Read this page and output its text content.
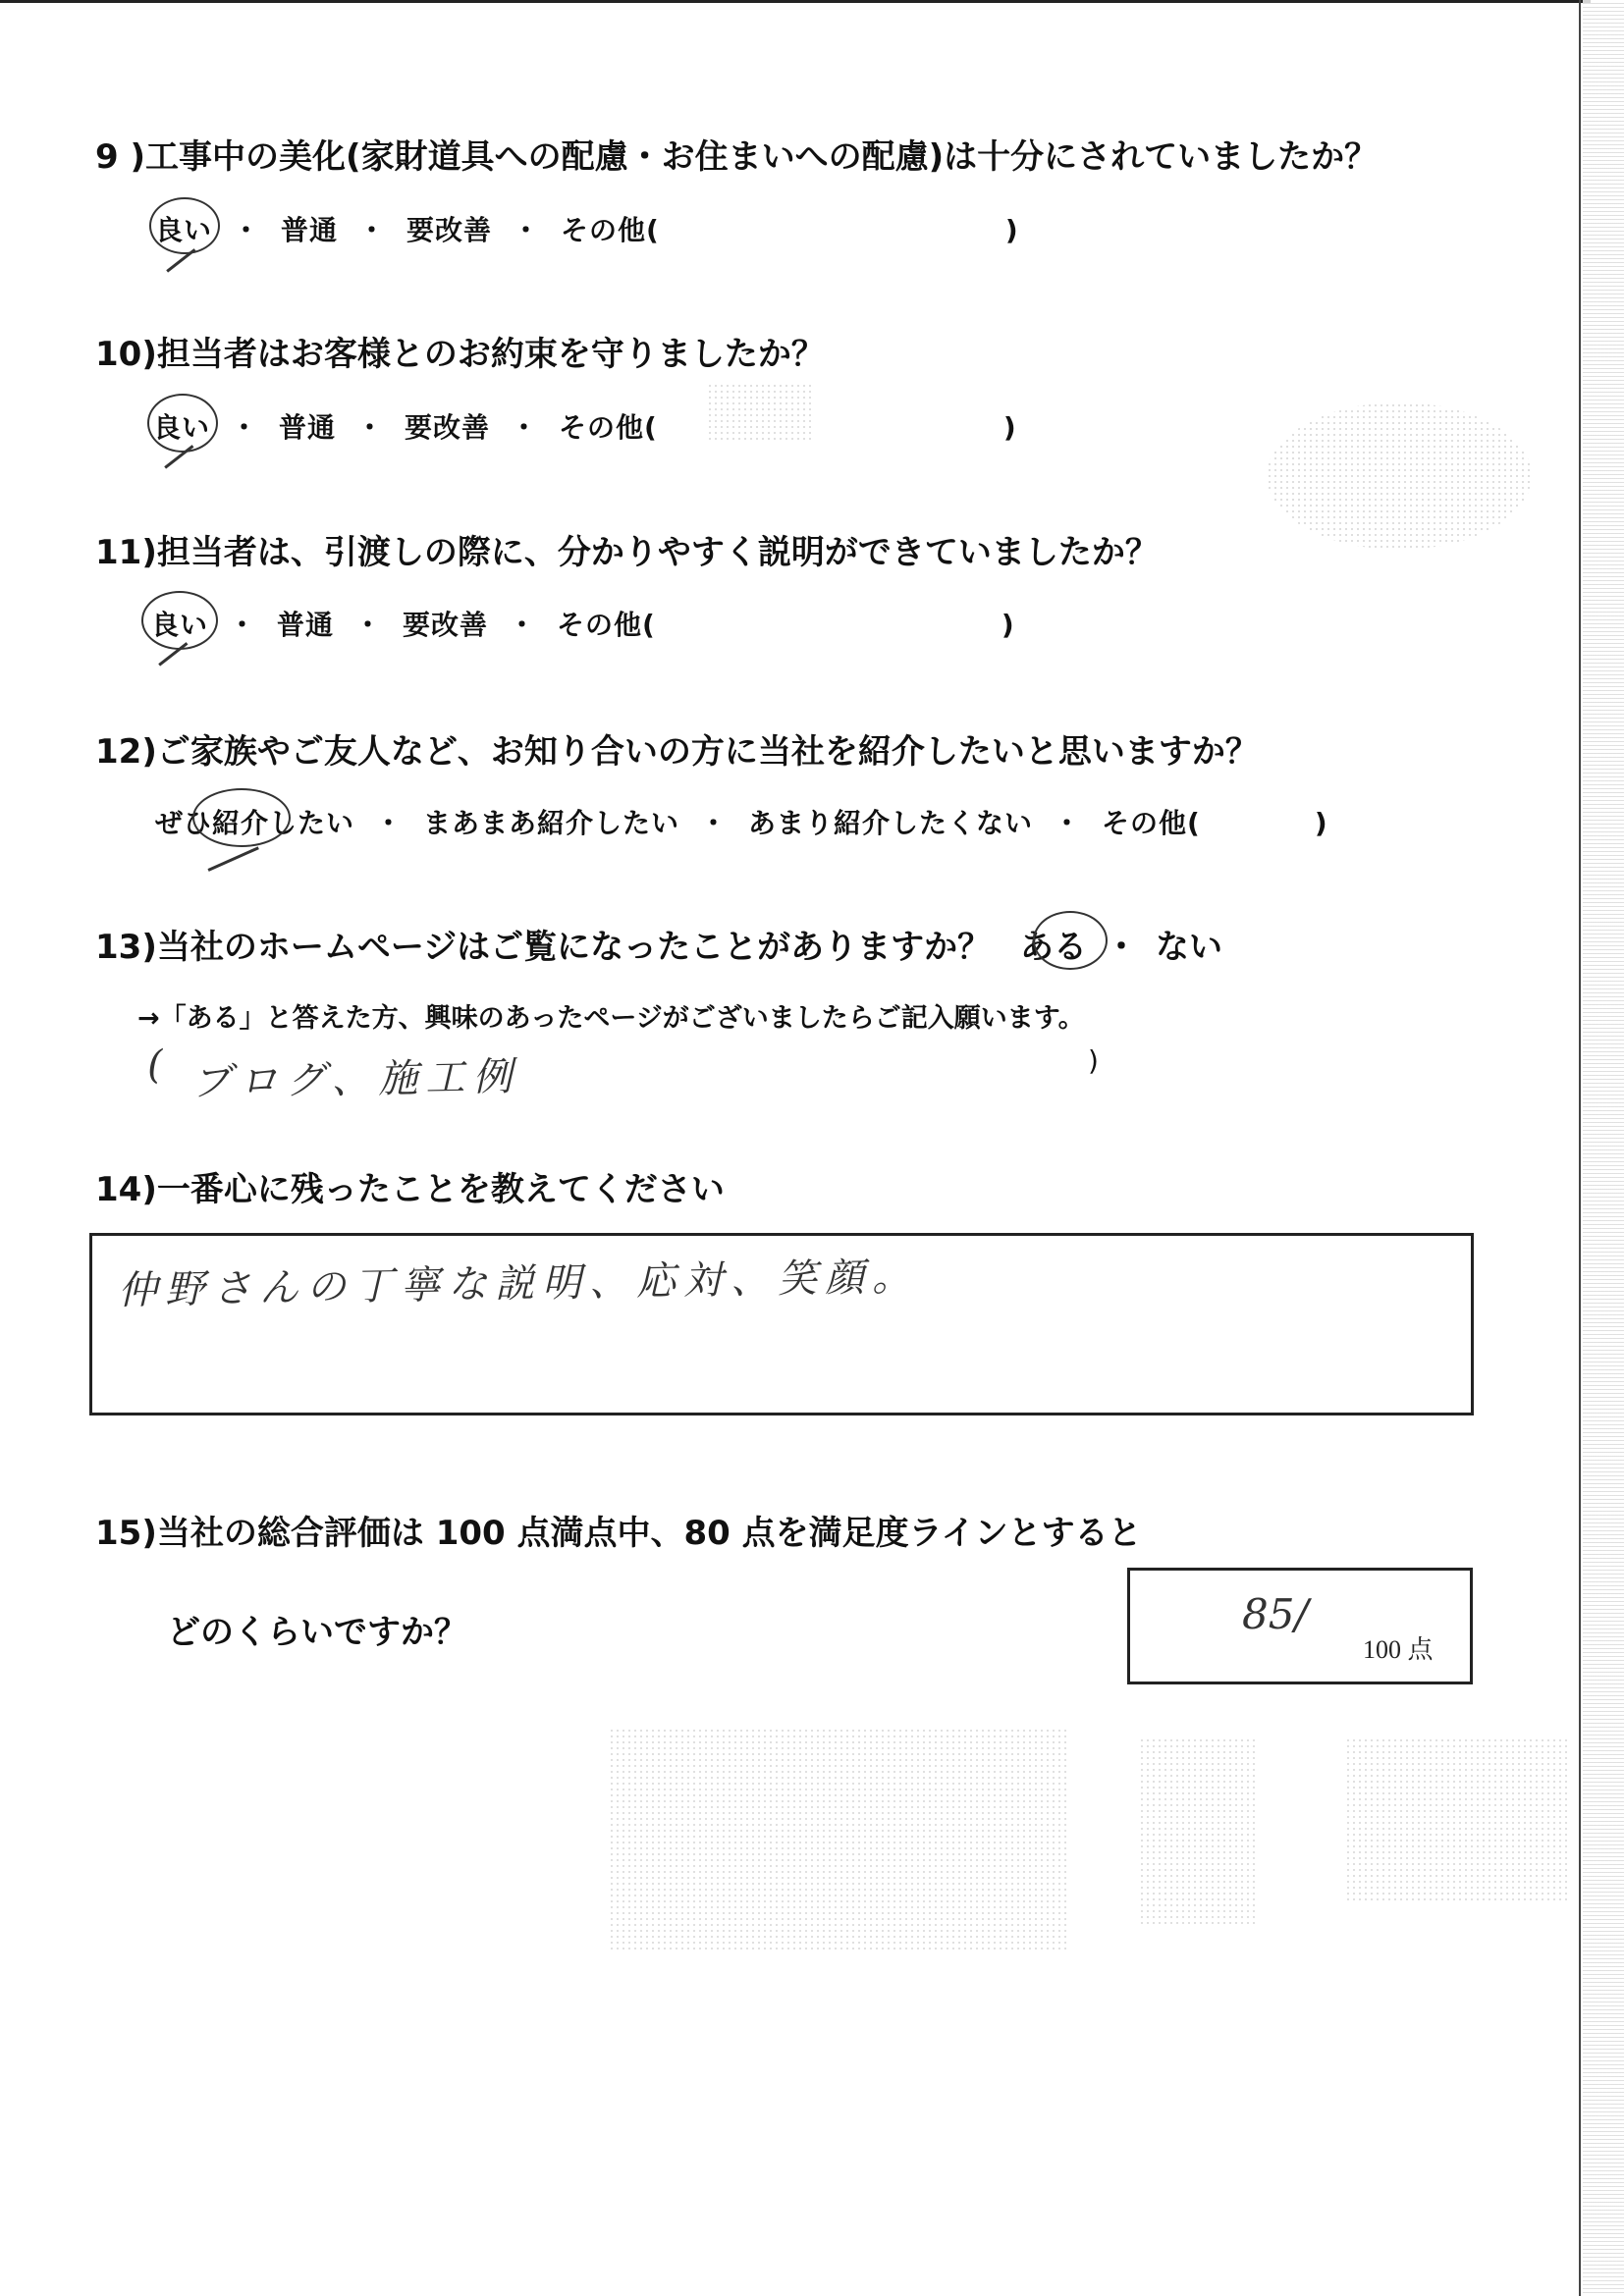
9 )工事中の美化(家財道具への配慮・お住まいへの配慮)は十分にされていましたか？
良い ・ 普通 ・ 要改善 ・ その他(	)
10)担当者はお客様とのお約束を守りましたか？
良い ・ 普通 ・ 要改善 ・ その他(	)
11)担当者は、引渡しの際に、分かりやすく説明ができていましたか？
良い ・ 普通 ・ 要改善 ・ その他(	)
12)ご家族やご友人など、お知り合いの方に当社を紹介したいと思いますか？
ぜひ紹介したい ・ まあまあ紹介したい ・ あまり紹介したくない ・ その他(	)
13)当社のホームページはご覧になったことがありますか？ ある ・ ない
→「ある」と答えた方、興味のあったページがございましたらご記入願います。
( ブログ、施工例	)
14)一番心に残ったことを教えてください
仲野さんの丁寧な説明、応対、笑顔。
15)当社の総合評価は 100 点満点中、80 点を満足度ラインとすると
どのくらいですか？	85/
100 点
